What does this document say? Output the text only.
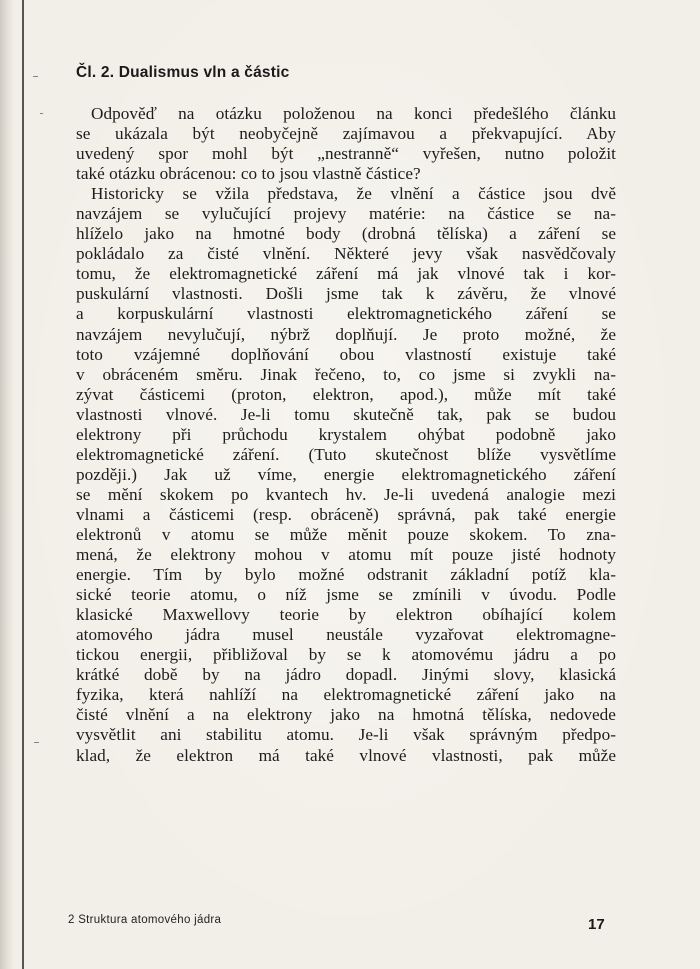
Čl. 2. Dualismus vln a částic
Odpověď na otázku položenou na konci předešlého článku
se ukázala být neobyčejně zajímavou a překvapující. Aby
uvedený spor mohl být „nestranně“ vyřešen, nutno položit
také otázku obrácenou: co to jsou vlastně částice?
Historicky se vžila představa, že vlnění a částice jsou dvě
navzájem se vylučující projevy matérie: na částice se na-
hlíželo jako na hmotné body (drobná tělíska) a záření se
pokládalo za čisté vlnění. Některé jevy však nasvědčovaly
tomu, že elektromagnetické záření má jak vlnové tak i kor-
puskulární vlastnosti. Došli jsme tak k závěru, že vlnové
a korpuskulární vlastnosti elektromagnetického záření se
navzájem nevylučují, nýbrž doplňují. Je proto možné, že
toto vzájemné doplňování obou vlastností existuje také
v obráceném směru. Jinak řečeno, to, co jsme si zvykli na-
zývat částicemi (proton, elektron, apod.), může mít také
vlastnosti vlnové. Je-li tomu skutečně tak, pak se budou
elektrony při průchodu krystalem ohýbat podobně jako
elektromagnetické záření. (Tuto skutečnost blíže vysvětlíme
později.) Jak už víme, energie elektromagnetického záření
se mění skokem po kvantech hν. Je-li uvedená analogie mezi
vlnami a částicemi (resp. obráceně) správná, pak také energie
elektronů v atomu se může měnit pouze skokem. To zna-
mená, že elektrony mohou v atomu mít pouze jisté hodnoty
energie. Tím by bylo možné odstranit základní potíž kla-
sické teorie atomu, o níž jsme se zmínili v úvodu. Podle
klasické Maxwellovy teorie by elektron obíhající kolem
atomového jádra musel neustále vyzařovat elektromagne-
tickou energii, přibližoval by se k atomovému jádru a po
krátké době by na jádro dopadl. Jinými slovy, klasická
fyzika, která nahlíží na elektromagnetické záření jako na
čisté vlnění a na elektrony jako na hmotná tělíska, nedovede
vysvětlit ani stabilitu atomu. Je-li však správným předpo-
klad, že elektron má také vlnové vlastnosti, pak může
2 Struktura atomového jádra	17
